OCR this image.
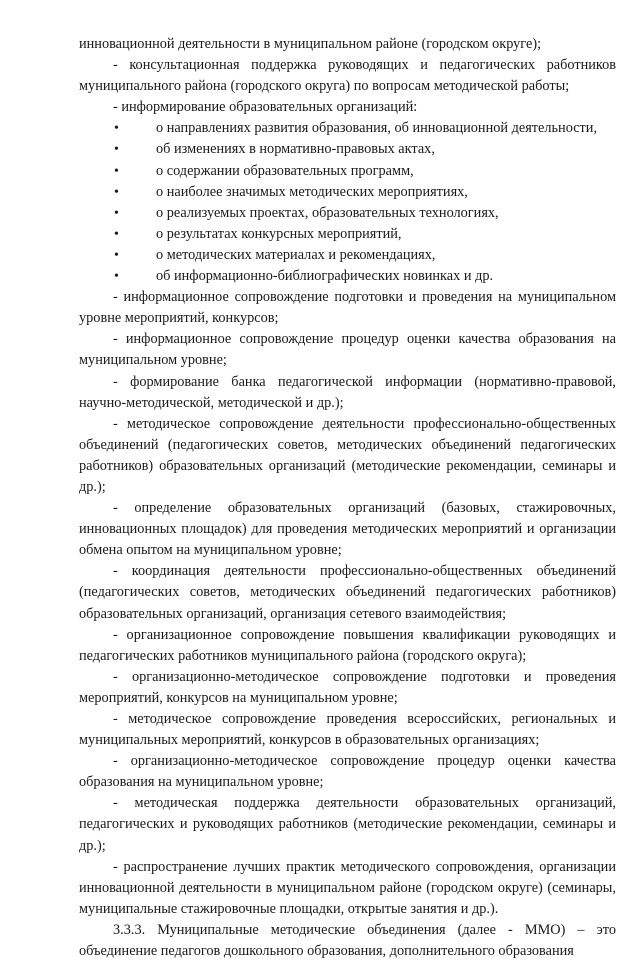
инновационной деятельности в муниципальном районе (городском округе);

- консультационная поддержка руководящих и педагогических работников муниципального района (городского округа) по вопросам методической работы;

- информирование образовательных организаций:

•	о направлениях развития образования, об инновационной деятельности,
•	об изменениях в нормативно-правовых актах,
•	о содержании образовательных программ,
•	о наиболее значимых методических мероприятиях,
•	о реализуемых проектах, образовательных технологиях,
•	о результатах конкурсных мероприятий,
•	о методических материалах и рекомендациях,
•	об информационно-библиографических новинках и др.

- информационное сопровождение подготовки и проведения на муниципальном уровне мероприятий, конкурсов;

- информационное сопровождение процедур оценки качества образования на муниципальном уровне;

- формирование банка педагогической информации (нормативно-правовой, научно-методической, методической и др.);

- методическое сопровождение деятельности профессионально-общественных объединений (педагогических советов, методических объединений педагогических работников) образовательных организаций (методические рекомендации, семинары и др.);

- определение образовательных организаций (базовых, стажировочных, инновационных площадок) для проведения методических мероприятий и организации обмена опытом на муниципальном уровне;

- координация деятельности профессионально-общественных объединений (педагогических советов, методических объединений педагогических работников) образовательных организаций, организация сетевого взаимодействия;

- организационное сопровождение повышения квалификации руководящих и педагогических работников муниципального района (городского округа);

- организационно-методическое сопровождение подготовки и проведения мероприятий, конкурсов на муниципальном уровне;

- методическое сопровождение проведения всероссийских, региональных и муниципальных мероприятий, конкурсов в образовательных организациях;

- организационно-методическое сопровождение процедур оценки качества образования на муниципальном уровне;

- методическая поддержка деятельности образовательных организаций, педагогических и руководящих работников (методические рекомендации, семинары и др.);

- распространение лучших практик методического сопровождения, организации инновационной деятельности в муниципальном районе (городском округе) (семинары, муниципальные стажировочные площадки, открытые занятия и др.).

3.3.3. Муниципальные методические объединения (далее - ММО) – это объединение педагогов дошкольного образования, дополнительного образования
